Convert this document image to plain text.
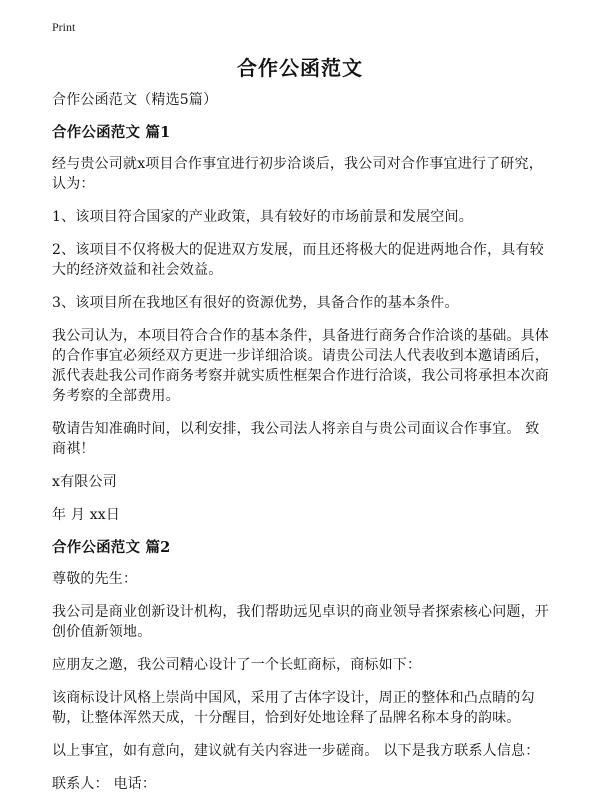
Print
合作公函范文

合作公函范文（精选5篇）

合作公函范文 篇1

经与贵公司就x项目合作事宜进行初步洽谈后，我公司对合作事宜进行了研究，认为：

1、该项目符合国家的产业政策，具有较好的市场前景和发展空间。

2、该项目不仅将极大的促进双方发展，而且还将极大的促进两地合作，具有较大的经济效益和社会效益。

3、该项目所在我地区有很好的资源优势，具备合作的基本条件。

我公司认为，本项目符合合作的基本条件，具备进行商务合作洽谈的基础。具体的合作事宜必须经双方更进一步详细洽谈。请贵公司法人代表收到本邀请函后，派代表赴我公司作商务考察并就实质性框架合作进行洽谈，我公司将承担本次商务考察的全部费用。

敬请告知准确时间，以利安排，我公司法人将亲自与贵公司面议合作事宜。 致 商祺！

x有限公司

年 月 xx日

合作公函范文 篇2

尊敬的先生：

我公司是商业创新设计机构，我们帮助远见卓识的商业领导者探索核心问题，开创价值新领地。

应朋友之邀，我公司精心设计了一个长虹商标，商标如下：

该商标设计风格上崇尚中国风，采用了古体字设计，周正的整体和凸点睛的勾勒，让整体浑然天成，十分醒目，恰到好处地诠释了品牌名称本身的韵味。

以上事宜，如有意向，建议就有关内容进一步磋商。 以下是我方联系人信息：

联系人： 电话：
